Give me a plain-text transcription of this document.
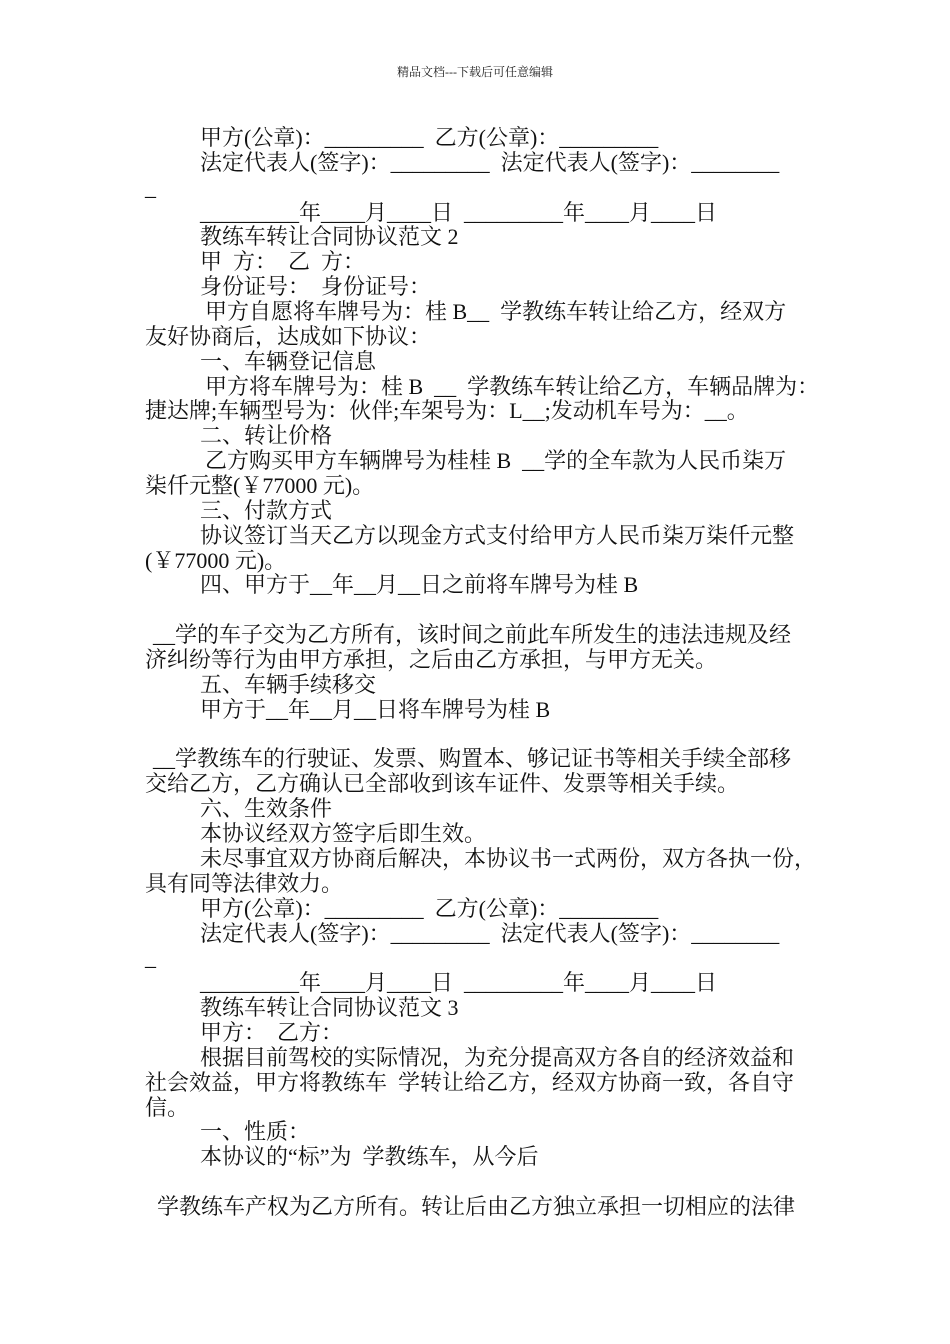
精品文档---下载后可任意编辑
甲方(公章)：_________  乙方(公章)：_________
法定代表人(签字)：_________  法定代表人(签字)：________
_
_________年____月____日  _________年____月____日
教练车转让合同协议范文 2
甲  方：  乙  方：
身份证号：  身份证号：
甲方自愿将车牌号为：桂 B__  学教练车转让给乙方，经双方
友好协商后，达成如下协议：
一、车辆登记信息
甲方将车牌号为：桂 B  __  学教练车转让给乙方，车辆品牌为：
捷达牌;车辆型号为：伙伴;车架号为：L__;发动机车号为：__。
二、转让价格
乙方购买甲方车辆牌号为桂桂 B  __学的全车款为人民币柒万
柒仟元整(￥77000 元)。
三、付款方式
协议签订当天乙方以现金方式支付给甲方人民币柒万柒仟元整
(￥77000 元)。
四、甲方于__年__月__日之前将车牌号为桂 B
__学的车子交为乙方所有，该时间之前此车所发生的违法违规及经
济纠纷等行为由甲方承担，之后由乙方承担，与甲方无关。
五、车辆手续移交
甲方于__年__月__日将车牌号为桂 B
__学教练车的行驶证、发票、购置本、够记证书等相关手续全部移
交给乙方，乙方确认已全部收到该车证件、发票等相关手续。
六、生效条件
本协议经双方签字后即生效。
未尽事宜双方协商后解决，本协议书一式两份，双方各执一份，
具有同等法律效力。
甲方(公章)：_________  乙方(公章)：_________
法定代表人(签字)：_________  法定代表人(签字)：________
_
_________年____月____日  _________年____月____日
教练车转让合同协议范文 3
甲方：  乙方：
根据目前驾校的实际情况，为充分提高双方各自的经济效益和
社会效益，甲方将教练车  学转让给乙方，经双方协商一致，各自守
信。
一、性质：
本协议的“标”为  学教练车，从今后
学教练车产权为乙方所有。转让后由乙方独立承担一切相应的法律
